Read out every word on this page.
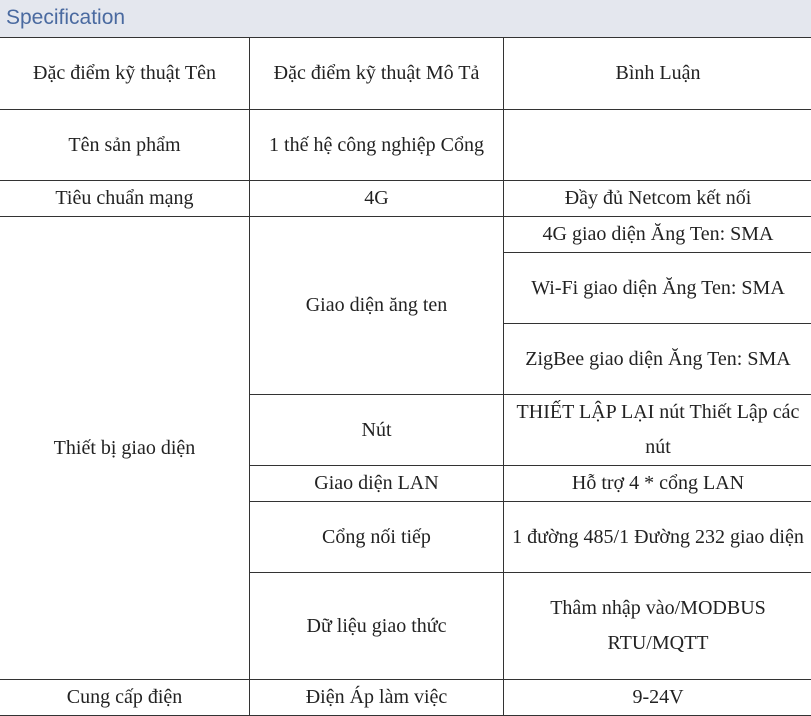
Specification
Đặc điểm kỹ thuật Tên	Đặc điểm kỹ thuật Mô Tả	Bình Luận	
Tên sản phẩm	1 thế hệ công nghiệp Cổng		
Tiêu chuẩn mạng	4G	Đầy đủ Netcom kết nối	
Thiết bị giao diện	Giao diện ăng ten	4G giao diện Ăng Ten: SMA	
		Wi-Fi giao diện Ăng Ten: SMA	
		ZigBee giao diện Ăng Ten: SMA	
	Nút	THIẾT LẬP LẠI nút Thiết Lập các nút	
	Giao diện LAN	Hỗ trợ 4 * cổng LAN	
	Cổng nối tiếp	1 đường 485/1 Đường 232 giao diện	
	Dữ liệu giao thức	Thâm nhập vào/MODBUS RTU/MQTT	
Cung cấp điện	Điện Áp làm việc	9-24V	
